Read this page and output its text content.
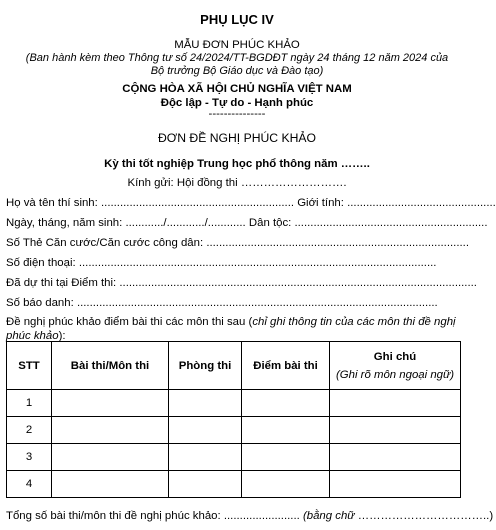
PHỤ LỤC IV
MẪU ĐƠN PHÚC KHẢO
(Ban hành kèm theo Thông tư số 24/2024/TT-BGDĐT ngày 24 tháng 12 năm 2024 của
Bộ trưởng Bộ Giáo dục và Đào tạo)
CỘNG HÒA XÃ HỘI CHỦ NGHĨA VIỆT NAM
Độc lập - Tự do - Hạnh phúc
---------------
ĐƠN ĐỀ NGHỊ PHÚC KHẢO
Kỳ thi tốt nghiệp Trung học phổ thông năm ……..
Kính gửi: Hội đồng thi ……………………….
Họ và tên thí sinh: ............................................................. Giới tính: ...............................................
Ngày, tháng, năm sinh: ............/............/............ Dân tộc: .............................................................
Số Thẻ Căn cước/Căn cước công dân: ...................................................................................
Số điện thoại: .................................................................................................................
Đã dự thi tại Điểm thi: .................................................................................................................
Số báo danh: ..................................................................................................................
Đề nghị phúc khảo điểm bài thi các môn thi sau (chỉ ghi thông tin của các môn thi đề nghị
phúc khảo):
STT	Bài thi/Môn thi	Phòng thi	Điểm bài thi	Ghi chú
(Ghi rõ môn ngoại ngữ)

1				
2				
3				
4				
Tổng số bài thi/môn thi đề nghị phúc khảo: ........................ (bằng chữ ……………………………..)
